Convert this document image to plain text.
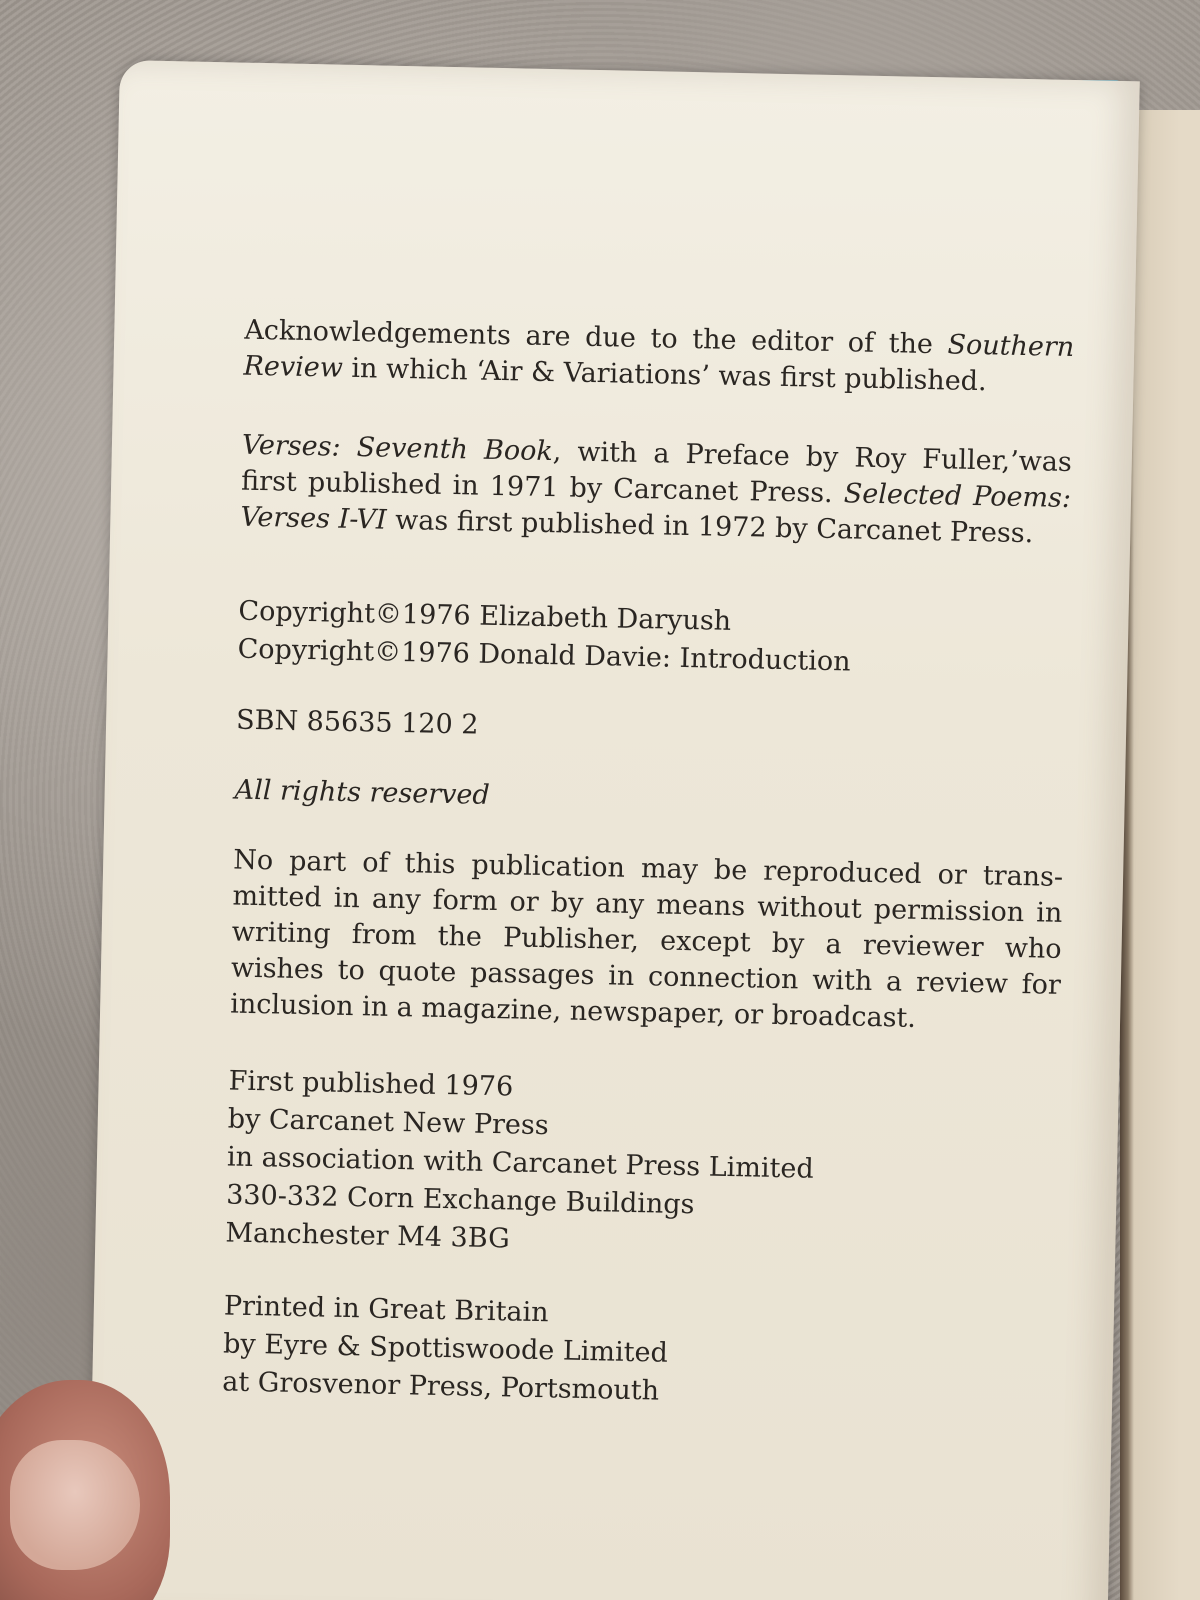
Acknowledgements are due to the editor of the Southern
Review in which ‘Air & Variations’ was first published.
Verses: Seventh Book, with a Preface by Roy Fuller,’was
first published in 1971 by Carcanet Press. Selected Poems:
Verses I-VI was first published in 1972 by Carcanet Press.
Copyright©1976 Elizabeth Daryush
Copyright©1976 Donald Davie: Introduction
SBN 85635 120 2
All rights reserved
No part of this publication may be reproduced or trans-
mitted in any form or by any means without permission in
writing from the Publisher, except by a reviewer who
wishes to quote passages in connection with a review for
inclusion in a magazine, newspaper, or broadcast.
First published 1976
by Carcanet New Press
in association with Carcanet Press Limited
330-332 Corn Exchange Buildings
Manchester M4 3BG
Printed in Great Britain
by Eyre & Spottiswoode Limited
at Grosvenor Press, Portsmouth
